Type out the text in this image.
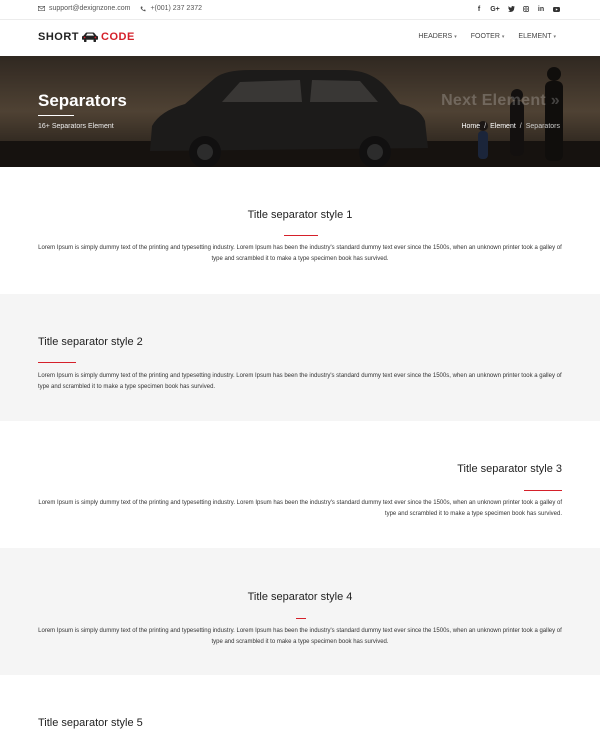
support@dexignzone.com	+(001) 237 2372	f	G+	in
SHORT CODE	HEADERS ▾ FOOTER ▾ ELEMENT ▾
Separators
16+ Separators Element
Next Element »
Home / Element / Separators
Title separator style 1
Lorem Ipsum is simply dummy text of the printing and typesetting industry. Lorem Ipsum has been the industry's standard dummy text ever since the 1500s, when an unknown printer took a galley of type and scrambled it to make a type specimen book has survived.
Title separator style 2
Lorem Ipsum is simply dummy text of the printing and typesetting industry. Lorem Ipsum has been the industry's standard dummy text ever since the 1500s, when an unknown printer took a galley of type and scrambled it to make a type specimen book has survived.
Title separator style 3
Lorem Ipsum is simply dummy text of the printing and typesetting industry. Lorem Ipsum has been the industry's standard dummy text ever since the 1500s, when an unknown printer took a galley of type and scrambled it to make a type specimen book has survived.
Title separator style 4
Lorem Ipsum is simply dummy text of the printing and typesetting industry. Lorem Ipsum has been the industry's standard dummy text ever since the 1500s, when an unknown printer took a galley of type and scrambled it to make a type specimen book has survived.
Title separator style 5
